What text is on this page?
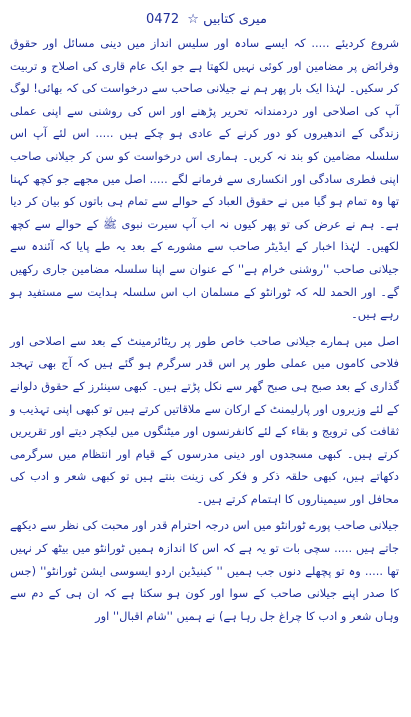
میری کتابیں ☆ 0472

شروع کردیئے ..... کہ ایسے سادہ اور سلیس انداز میں دینی مسائل اور حقوق وفرائض پر مضامین اور کوئی نہیں لکھتا ہے جو ایک عام قاری کی اصلاح و تربیت کر سکیں۔ لہٰذا ایک بار پھر ہم نے جیلانی صاحب سے درخواست کی کہ بھائی! لوگ آپ کی اصلاحی اور دردمندانہ تحریر پڑھنے اور اس کی روشنی سے اپنی عملی زندگی کے اندھیروں کو دور کرنے کے عادی ہو چکے ہیں ..... اس لئے آپ اس سلسلہ مضامین کو بند نہ کریں۔ ہماری اس درخواست کو سن کر جیلانی صاحب اپنی فطری سادگی اور انکساری سے فرمانے لگے ..... اصل میں مجھے جو کچھ کہنا تھا وہ تمام ہو گیا میں نے حقوق العباد کے حوالے سے تمام ہی باتوں کو بیان کر دیا ہے۔ ہم نے عرض کی تو پھر کیوں نہ اب آپ سیرت نبوی ﷺ کے حوالے سے کچھ لکھیں۔ لہٰذا اخبار کے ایڈیٹر صاحب سے مشورے کے بعد یہ طے پایا کہ آئندہ سے جیلانی صاحب ''روشنی خرام ہے'' کے عنوان سے اپنا سلسلہ مضامین جاری رکھیں گے۔ اور الحمد للہ کہ ٹورانٹو کے مسلمان اب اس سلسلہ ہدایت سے مستفید ہو رہے ہیں۔

اصل میں ہمارے جیلانی صاحب خاص طور پر ریٹائرمینٹ کے بعد سے اصلاحی اور فلاحی کاموں میں عملی طور پر اس قدر سرگرم ہو گئے ہیں کہ آج بھی تہجد گذاری کے بعد صبح ہی صبح گھر سے نکل پڑتے ہیں۔ کبھی سینئرز کے حقوق دلوانے کے لئے وزیروں اور پارلیمنٹ کے ارکان سے ملاقاتیں کرتے ہیں تو کبھی اپنی تہذیب و ثقافت کی ترویج و بقاء کے لئے کانفرنسوں اور میٹنگوں میں لیکچر دیتے اور تقریریں کرتے ہیں۔ کبھی مسجدوں اور دینی مدرسوں کے قیام اور انتظام میں سرگرمی دکھاتے ہیں، کبھی حلقہ ذکر و فکر کی زینت بنتے ہیں تو کبھی شعر و ادب کی محافل اور سیمیناروں کا اہتمام کرتے ہیں۔

جیلانی صاحب پورے ٹورانٹو میں اس درجہ احترام قدر اور محبت کی نظر سے دیکھے جاتے ہیں ..... سچی بات تو یہ ہے کہ اس کا اندازہ ہمیں ٹورانٹو میں بیٹھ کر نہیں تھا ..... وہ تو پچھلے دنوں جب ہمیں '' کینیڈین اردو ایسوسی ایشن ٹورانٹو'' (جس کا صدر اپنے جیلانی صاحب کے سوا اور کون ہو سکتا ہے کہ ان ہی کے دم سے وہاں شعر و ادب کا چراغ جل رہا ہے) نے ہمیں ''شام اقبال'' اور
